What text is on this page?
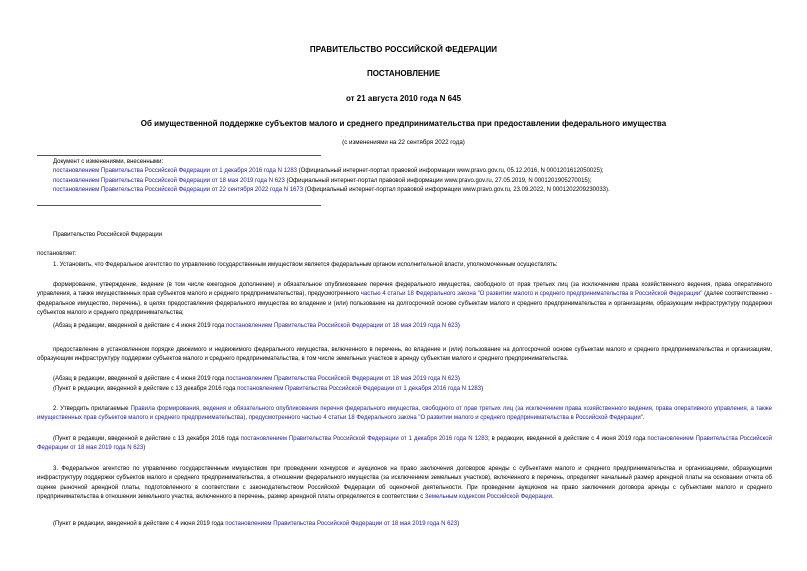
ПРАВИТЕЛЬСТВО РОССИЙСКОЙ ФЕДЕРАЦИИ
ПОСТАНОВЛЕНИЕ
от 21 августа 2010 года N 645
Об имущественной поддержке субъектов малого и среднего предпринимательства при предоставлении федерального имущества
(с изменениями на 22 сентября 2022 года)
Документ с изменениями, внесенными:
постановлением Правительства Российской Федерации от 1 декабря 2016 года N 1283 (Официальный интернет-портал правовой информации www.pravo.gov.ru, 05.12.2016, N 0001201612050025);
постановлением Правительства Российской Федерации от 18 мая 2019 года N 623 (Официальный интернет-портал правовой информации www.pravo.gov.ru, 27.05.2019, N 0001201905270015);
постановлением Правительства Российской Федерации от 22 сентября 2022 года N 1673 (Официальный интернет-портал правовой информации www.pravo.gov.ru, 23.09.2022, N 0001202209230033).
Правительство Российской Федерации
постановляет:
1. Установить, что Федеральное агентство по управлению государственным имуществом является федеральным органом исполнительной власти, уполномоченным осуществлять:
формирование, утверждение, ведение (в том числе ежегодное дополнение) и обязательное опубликование перечня федерального имущества, свободного от прав третьих лиц (за исключением права хозяйственного ведения, права оперативного управления, а также имущественных прав субъектов малого и среднего предпринимательства), предусмотренного частью 4 статьи 18 Федерального закона "О развитии малого и среднего предпринимательства в Российской Федерации" (далее соответственно - федеральное имущество, перечень), в целях предоставления федерального имущества во владение и (или) пользование на долгосрочной основе субъектам малого и среднего предпринимательства и организациям, образующим инфраструктуру поддержки субъектов малого и среднего предпринимательства;
(Абзац в редакции, введенной в действие с 4 июня 2019 года постановлением Правительства Российской Федерации от 18 мая 2019 года N 623)
предоставление в установленном порядке движимого и недвижимого федерального имущества, включенного в перечень, во владение и (или) пользование на долгосрочной основе субъектам малого и среднего предпринимательства и организациям, образующим инфраструктуру поддержки субъектов малого и среднего предпринимательства, в том числе земельных участков в аренду субъектам малого и среднего предпринимательства.
(Абзац в редакции, введенной в действие с 4 июня 2019 года постановлением Правительства Российской Федерации от 18 мая 2019 года N 623)
(Пункт в редакции, введенной в действие с 13 декабря 2016 года постановлением Правительства Российской Федерации от 1 декабря 2016 года N 1283)
2. Утвердить прилагаемые Правила формирования, ведения и обязательного опубликования перечня федерального имущества, свободного от прав третьих лиц (за исключением права хозяйственного ведения, права оперативного управления, а также имущественных прав субъектов малого и среднего предпринимательства), предусмотренного частью 4 статьи 18 Федерального закона "О развитии малого и среднего предпринимательства в Российской Федерации".
(Пункт в редакции, введенной в действие с 13 декабря 2016 года постановлением Правительства Российской Федерации от 1 декабря 2016 года N 1283; в редакции, введенной в действие с 4 июня 2019 года постановлением Правительства Российской Федерации от 18 мая 2019 года N 623)
3. Федеральное агентство по управлению государственным имуществом при проведении конкурсов и аукционов на право заключения договоров аренды с субъектами малого и среднего предпринимательства и организациями, образующими инфраструктуру поддержки субъектов малого и среднего предпринимательства, в отношении федерального имущества (за исключением земельных участков), включенного в перечень, определяет начальный размер арендной платы на основании отчета об оценке рыночной арендной платы, подготовленного в соответствии с законодательством Российской Федерации об оценочной деятельности. При проведении аукционов на право заключения договора аренды с субъектами малого и среднего предпринимательства в отношении земельного участка, включенного в перечень, размер арендной платы определяется в соответствии с Земельным кодексом Российской Федерации.
(Пункт в редакции, введенной в действие с 4 июня 2019 года постановлением Правительства Российской Федерации от 18 мая 2019 года N 623)
